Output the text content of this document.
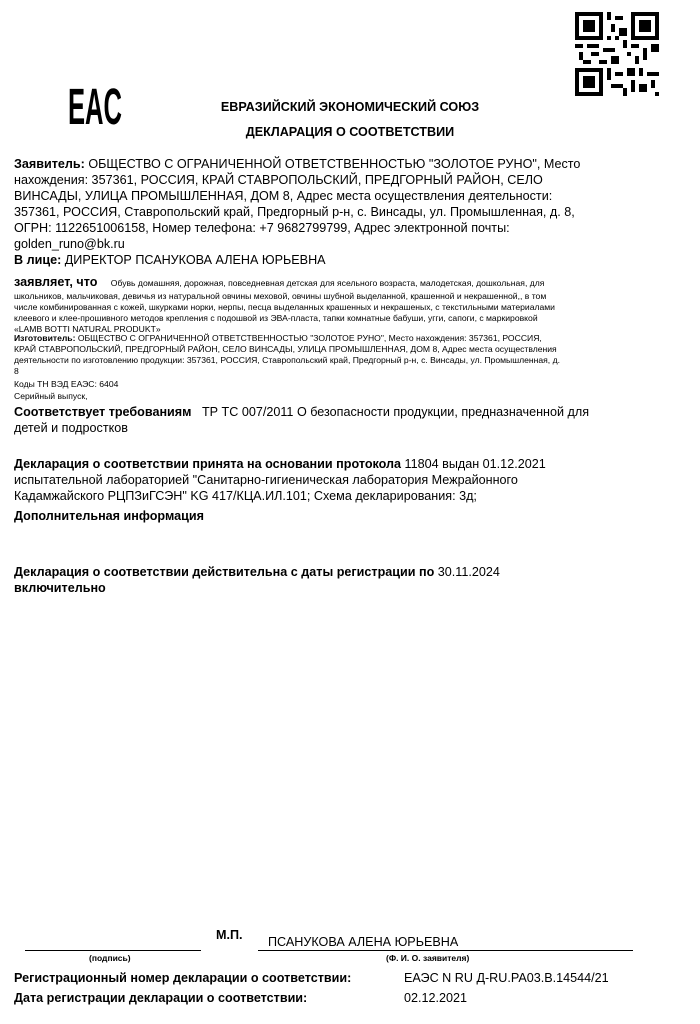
EAC	ЕВРАЗИЙСКИЙ ЭКОНОМИЧЕСКИЙ СОЮЗ
ДЕКЛАРАЦИЯ О СООТВЕТСТВИИ
Заявитель: ОБЩЕСТВО С ОГРАНИЧЕННОЙ ОТВЕТСТВЕННОСТЬЮ "ЗОЛОТОЕ РУНО", Место
нахождения: 357361, РОССИЯ, КРАЙ СТАВРОПОЛЬСКИЙ, ПРЕДГОРНЫЙ РАЙОН, СЕЛО
ВИНСАДЫ, УЛИЦА ПРОМЫШЛЕННАЯ, ДОМ 8, Адрес места осуществления деятельности:
357361, РОССИЯ, Ставропольский край, Предгорный р-н, с. Винсады, ул. Промышленная, д. 8,
ОГРН: 1122651006158, Номер телефона: +7 9682799799, Адрес электронной почты:
golden_runo@bk.ru
В лице: ДИРЕКТОР ПСАНУКОВА АЛЕНА ЮРЬЕВНА
заявляет, что Обувь домашняя, дорожная, повседневная детская для ясельного возраста, малодетская, дошкольная, для
школьников, мальчиковая, девичья из натуральной овчины меховой, овчины шубной выделанной, крашенной и некрашенной,, в том
числе комбинированная с кожей, шкурками норки, нерпы, песца выделанных крашенных и некрашеных, с текстильными материалами
клеевого и клее-прошивного методов крепления с подошвой из ЭВА-пласта, тапки комнатные бабуши, угги, сапоги, с маркировкой
«LAMB BOTTI NATURAL PRODUKT»
Изготовитель: ОБЩЕСТВО С ОГРАНИЧЕННОЙ ОТВЕТСТВЕННОСТЬЮ "ЗОЛОТОЕ РУНО", Место нахождения: 357361, РОССИЯ,
КРАЙ СТАВРОПОЛЬСКИЙ, ПРЕДГОРНЫЙ РАЙОН, СЕЛО ВИНСАДЫ, УЛИЦА ПРОМЫШЛЕННАЯ, ДОМ 8, Адрес места осуществления
деятельности по изготовлению продукции: 357361, РОССИЯ, Ставропольский край, Предгорный р-н, с. Винсады, ул. Промышленная, д.
8
Коды ТН ВЭД ЕАЭС: 6404
Серийный выпуск,
Соответствует требованиям ТР ТС 007/2011 О безопасности продукции, предназначенной для
детей и подростков
Декларация о соответствии принята на основании протокола 11804 выдан 01.12.2021
испытательной лабораторией "Санитарно-гигиеническая лаборатория Межрайонного
Кадамжайского РЦПЗиГСЭН" KG 417/КЦА.ИЛ.101; Схема декларирования: 3д;
Дополнительная информация
Декларация о соответствии действительна с даты регистрации по 30.11.2024
включительно
М.П. ПСАНУКОВА АЛЕНА ЮРЬЕВНА
(подпись)	(Ф. И. О. заявителя)
Регистрационный номер декларации о соответствии:	ЕАЭС N RU Д-RU.PA03.B.14544/21
Дата регистрации декларации о соответствии:	02.12.2021
